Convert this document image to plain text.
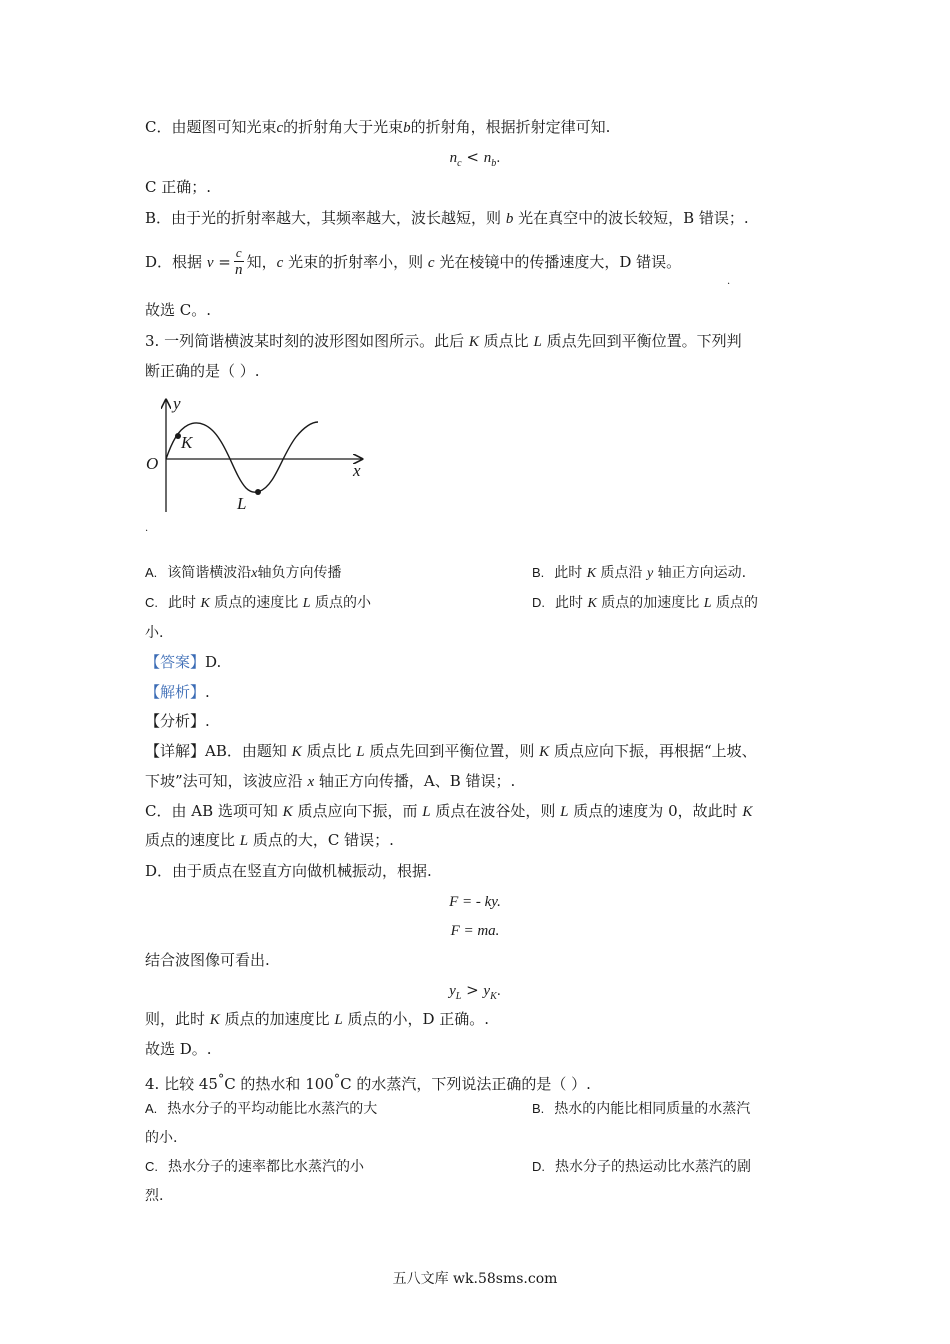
C．由题图可知光束c的折射角大于光束b的折射角，根据折射定律可知.
$n_c < n_b$.
C 正确；.
B．由于光的折射率越大，其频率越大，波长越短，则 b 光在真空中的波长较短，B 错误；.
D．根据 $v = \frac{c}{n}$ 知，c 光束的折射率小，则 c 光在棱镜中的传播速度大，D 错误。
.
故选 C。.
3. 一列简谐横波某时刻的波形图如图所示。此后 K 质点比 L 质点先回到平衡位置。下列判
断正确的是（ ）.
y
x
O
K
L
.
A. 该简谐横波沿x轴负方向传播	B. 此时 K 质点沿 y 轴正方向运动.
C. 此时 K 质点的速度比 L 质点的小	D. 此时 K 质点的加速度比 L 质点的
小.
【答案】D.
【解析】.
【分析】.
【详解】AB．由题知 K 质点比 L 质点先回到平衡位置，则 K 质点应向下振，再根据“上坡、
下坡”法可知，该波应沿 x 轴正方向传播，A、B 错误；.
C．由 AB 选项可知 K 质点应向下振，而 L 质点在波谷处，则 L 质点的速度为 0，故此时 K
质点的速度比 L 质点的大，C 错误；.
D．由于质点在竖直方向做机械振动，根据.
F = - ky.
F = ma.
结合波图像可看出.
$y_L > y_K$.
则，此时 K 质点的加速度比 L 质点的小，D 正确。.
故选 D。.
4. 比较 45°C 的热水和 100°C 的水蒸汽，下列说法正确的是（ ）.
A. 热水分子的平均动能比水蒸汽的大	B. 热水的内能比相同质量的水蒸汽
的小.
C. 热水分子的速率都比水蒸汽的小	D. 热水分子的热运动比水蒸汽的剧
烈.
五八文库 wk.58sms.com
